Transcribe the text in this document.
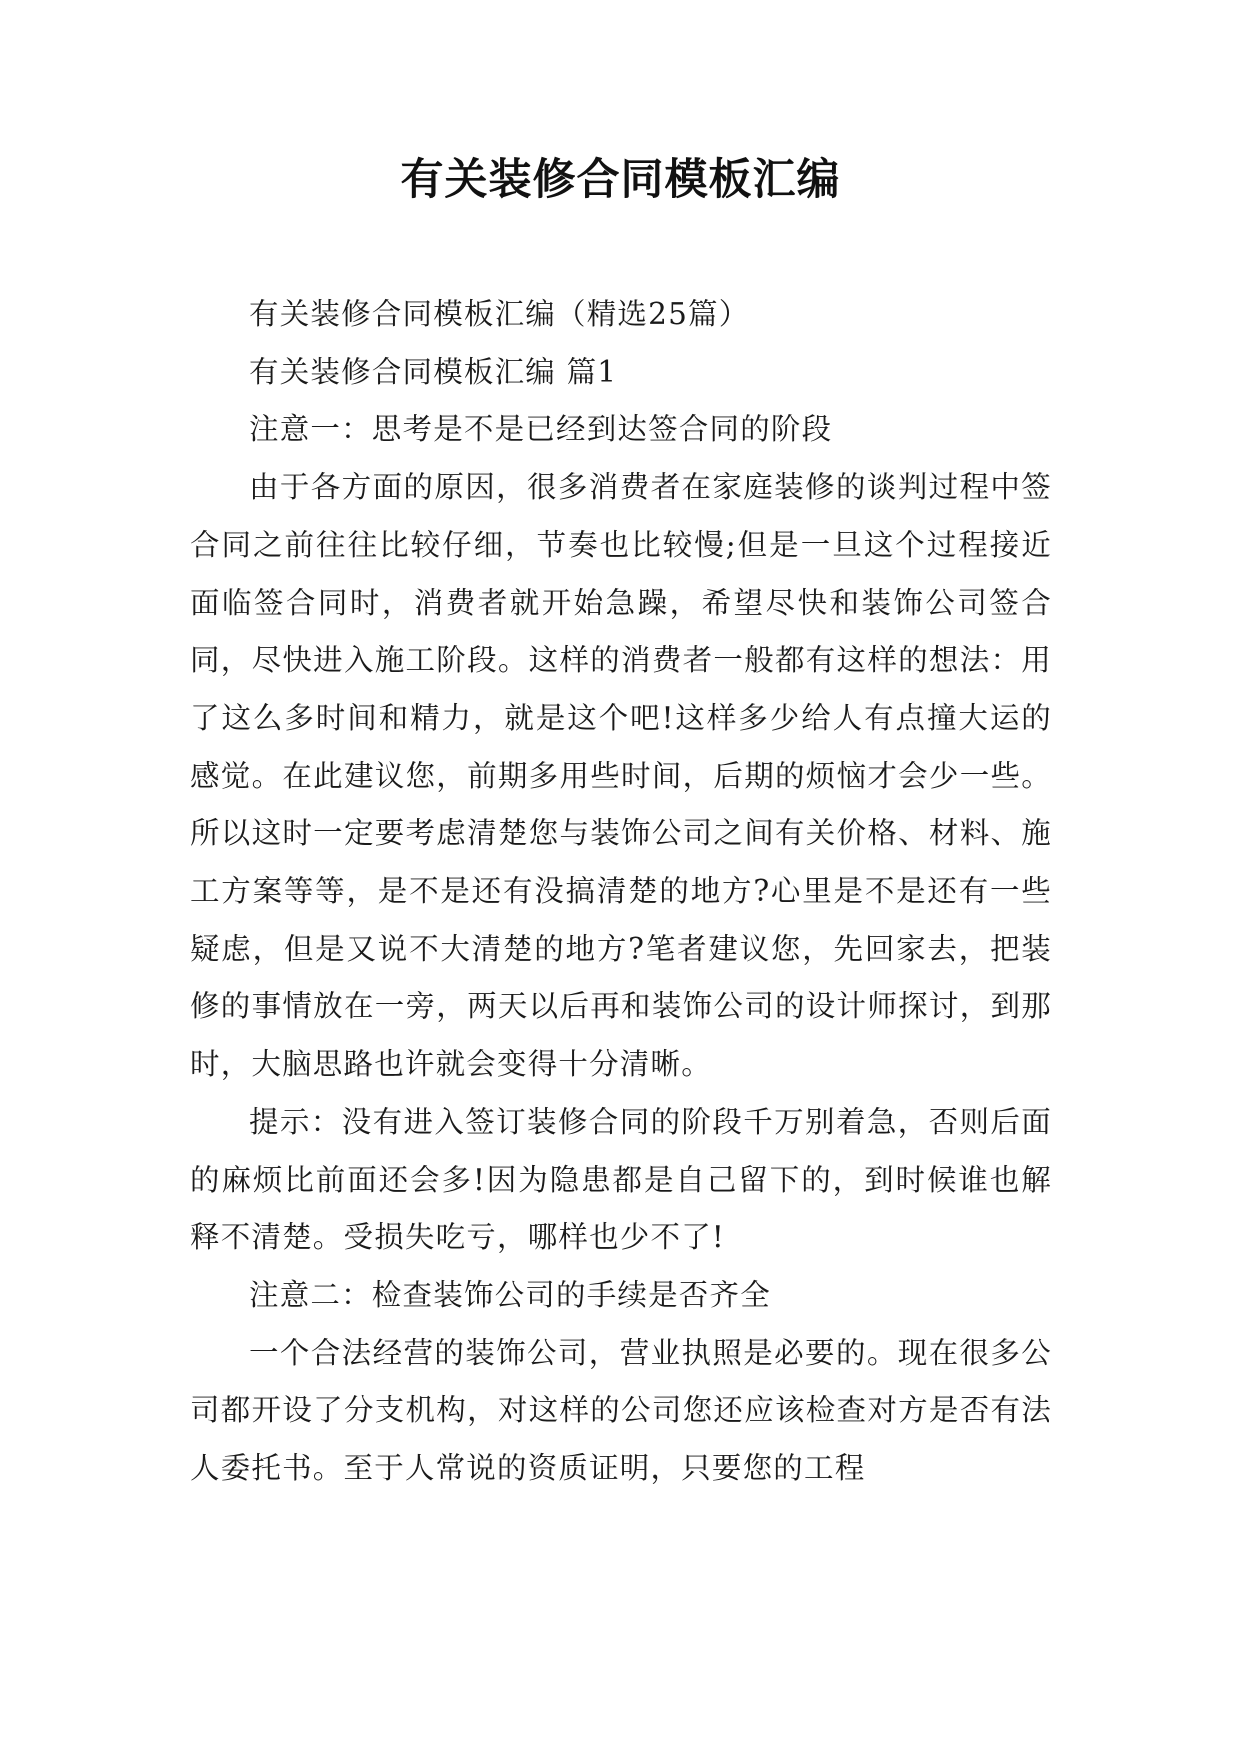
有关装修合同模板汇编

有关装修合同模板汇编（精选25篇）

有关装修合同模板汇编 篇1

注意一：思考是不是已经到达签合同的阶段

由于各方面的原因，很多消费者在家庭装修的谈判过程中签合同之前往往比较仔细，节奏也比较慢;但是一旦这个过程接近面临签合同时，消费者就开始急躁，希望尽快和装饰公司签合同，尽快进入施工阶段。这样的消费者一般都有这样的想法：用了这么多时间和精力，就是这个吧!这样多少给人有点撞大运的感觉。在此建议您，前期多用些时间，后期的烦恼才会少一些。所以这时一定要考虑清楚您与装饰公司之间有关价格、材料、施工方案等等，是不是还有没搞清楚的地方?心里是不是还有一些疑虑，但是又说不大清楚的地方?笔者建议您，先回家去，把装修的事情放在一旁，两天以后再和装饰公司的设计师探讨，到那时，大脑思路也许就会变得十分清晰。

提示：没有进入签订装修合同的阶段千万别着急，否则后面的麻烦比前面还会多!因为隐患都是自己留下的，到时候谁也解释不清楚。受损失吃亏，哪样也少不了!

注意二：检查装饰公司的手续是否齐全

一个合法经营的装饰公司，营业执照是必要的。现在很多公司都开设了分支机构，对这样的公司您还应该检查对方是否有法人委托书。至于人常说的资质证明，只要您的工程
